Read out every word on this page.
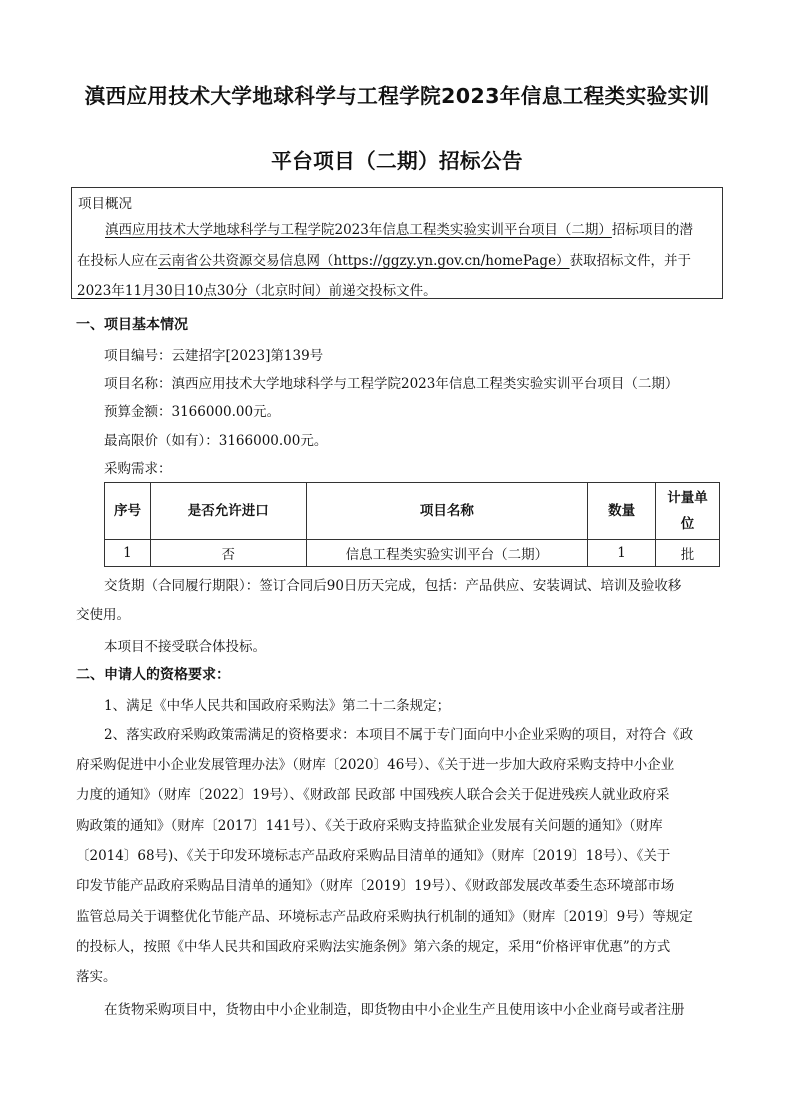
滇西应用技术大学地球科学与工程学院2023年信息工程类实验实训
平台项目（二期）招标公告
项目概况
滇西应用技术大学地球科学与工程学院2023年信息工程类实验实训平台项目（二期）招标项目的潜
在投标人应在云南省公共资源交易信息网（https://ggzy.yn.gov.cn/homePage）获取招标文件，并于
2023年11月30日10点30分（北京时间）前递交投标文件。
一、项目基本情况
项目编号：云建招字[2023]第139号
项目名称：滇西应用技术大学地球科学与工程学院2023年信息工程类实验实训平台项目（二期）
预算金额：3166000.00元。
最高限价（如有）：3166000.00元。
采购需求：
序号	是否允许进口	项目名称	数量	计量单位
1	否	信息工程类实验实训平台（二期）	1	批
交货期（合同履行期限）：签订合同后90日历天完成，包括：产品供应、安装调试、培训及验收移
交使用。
本项目不接受联合体投标。
二、申请人的资格要求：
1、满足《中华人民共和国政府采购法》第二十二条规定；
2、落实政府采购政策需满足的资格要求：本项目不属于专门面向中小企业采购的项目，对符合《政
府采购促进中小企业发展管理办法》（财库〔2020〕46号）、《关于进一步加大政府采购支持中小企业
力度的通知》（财库〔2022〕19号）、《财政部 民政部 中国残疾人联合会关于促进残疾人就业政府采
购政策的通知》（财库〔2017〕141号）、《关于政府采购支持监狱企业发展有关问题的通知》（财库
〔2014〕68号)、《关于印发环境标志产品政府采购品目清单的通知》（财库〔2019〕18号）、《关于
印发节能产品政府采购品目清单的通知》（财库〔2019〕19号）、《财政部发展改革委生态环境部市场
监管总局关于调整优化节能产品、环境标志产品政府采购执行机制的通知》（财库〔2019〕9号）等规定
的投标人，按照《中华人民共和国政府采购法实施条例》第六条的规定，采用“价格评审优惠”的方式
落实。
在货物采购项目中，货物由中小企业制造，即货物由中小企业生产且使用该中小企业商号或者注册
